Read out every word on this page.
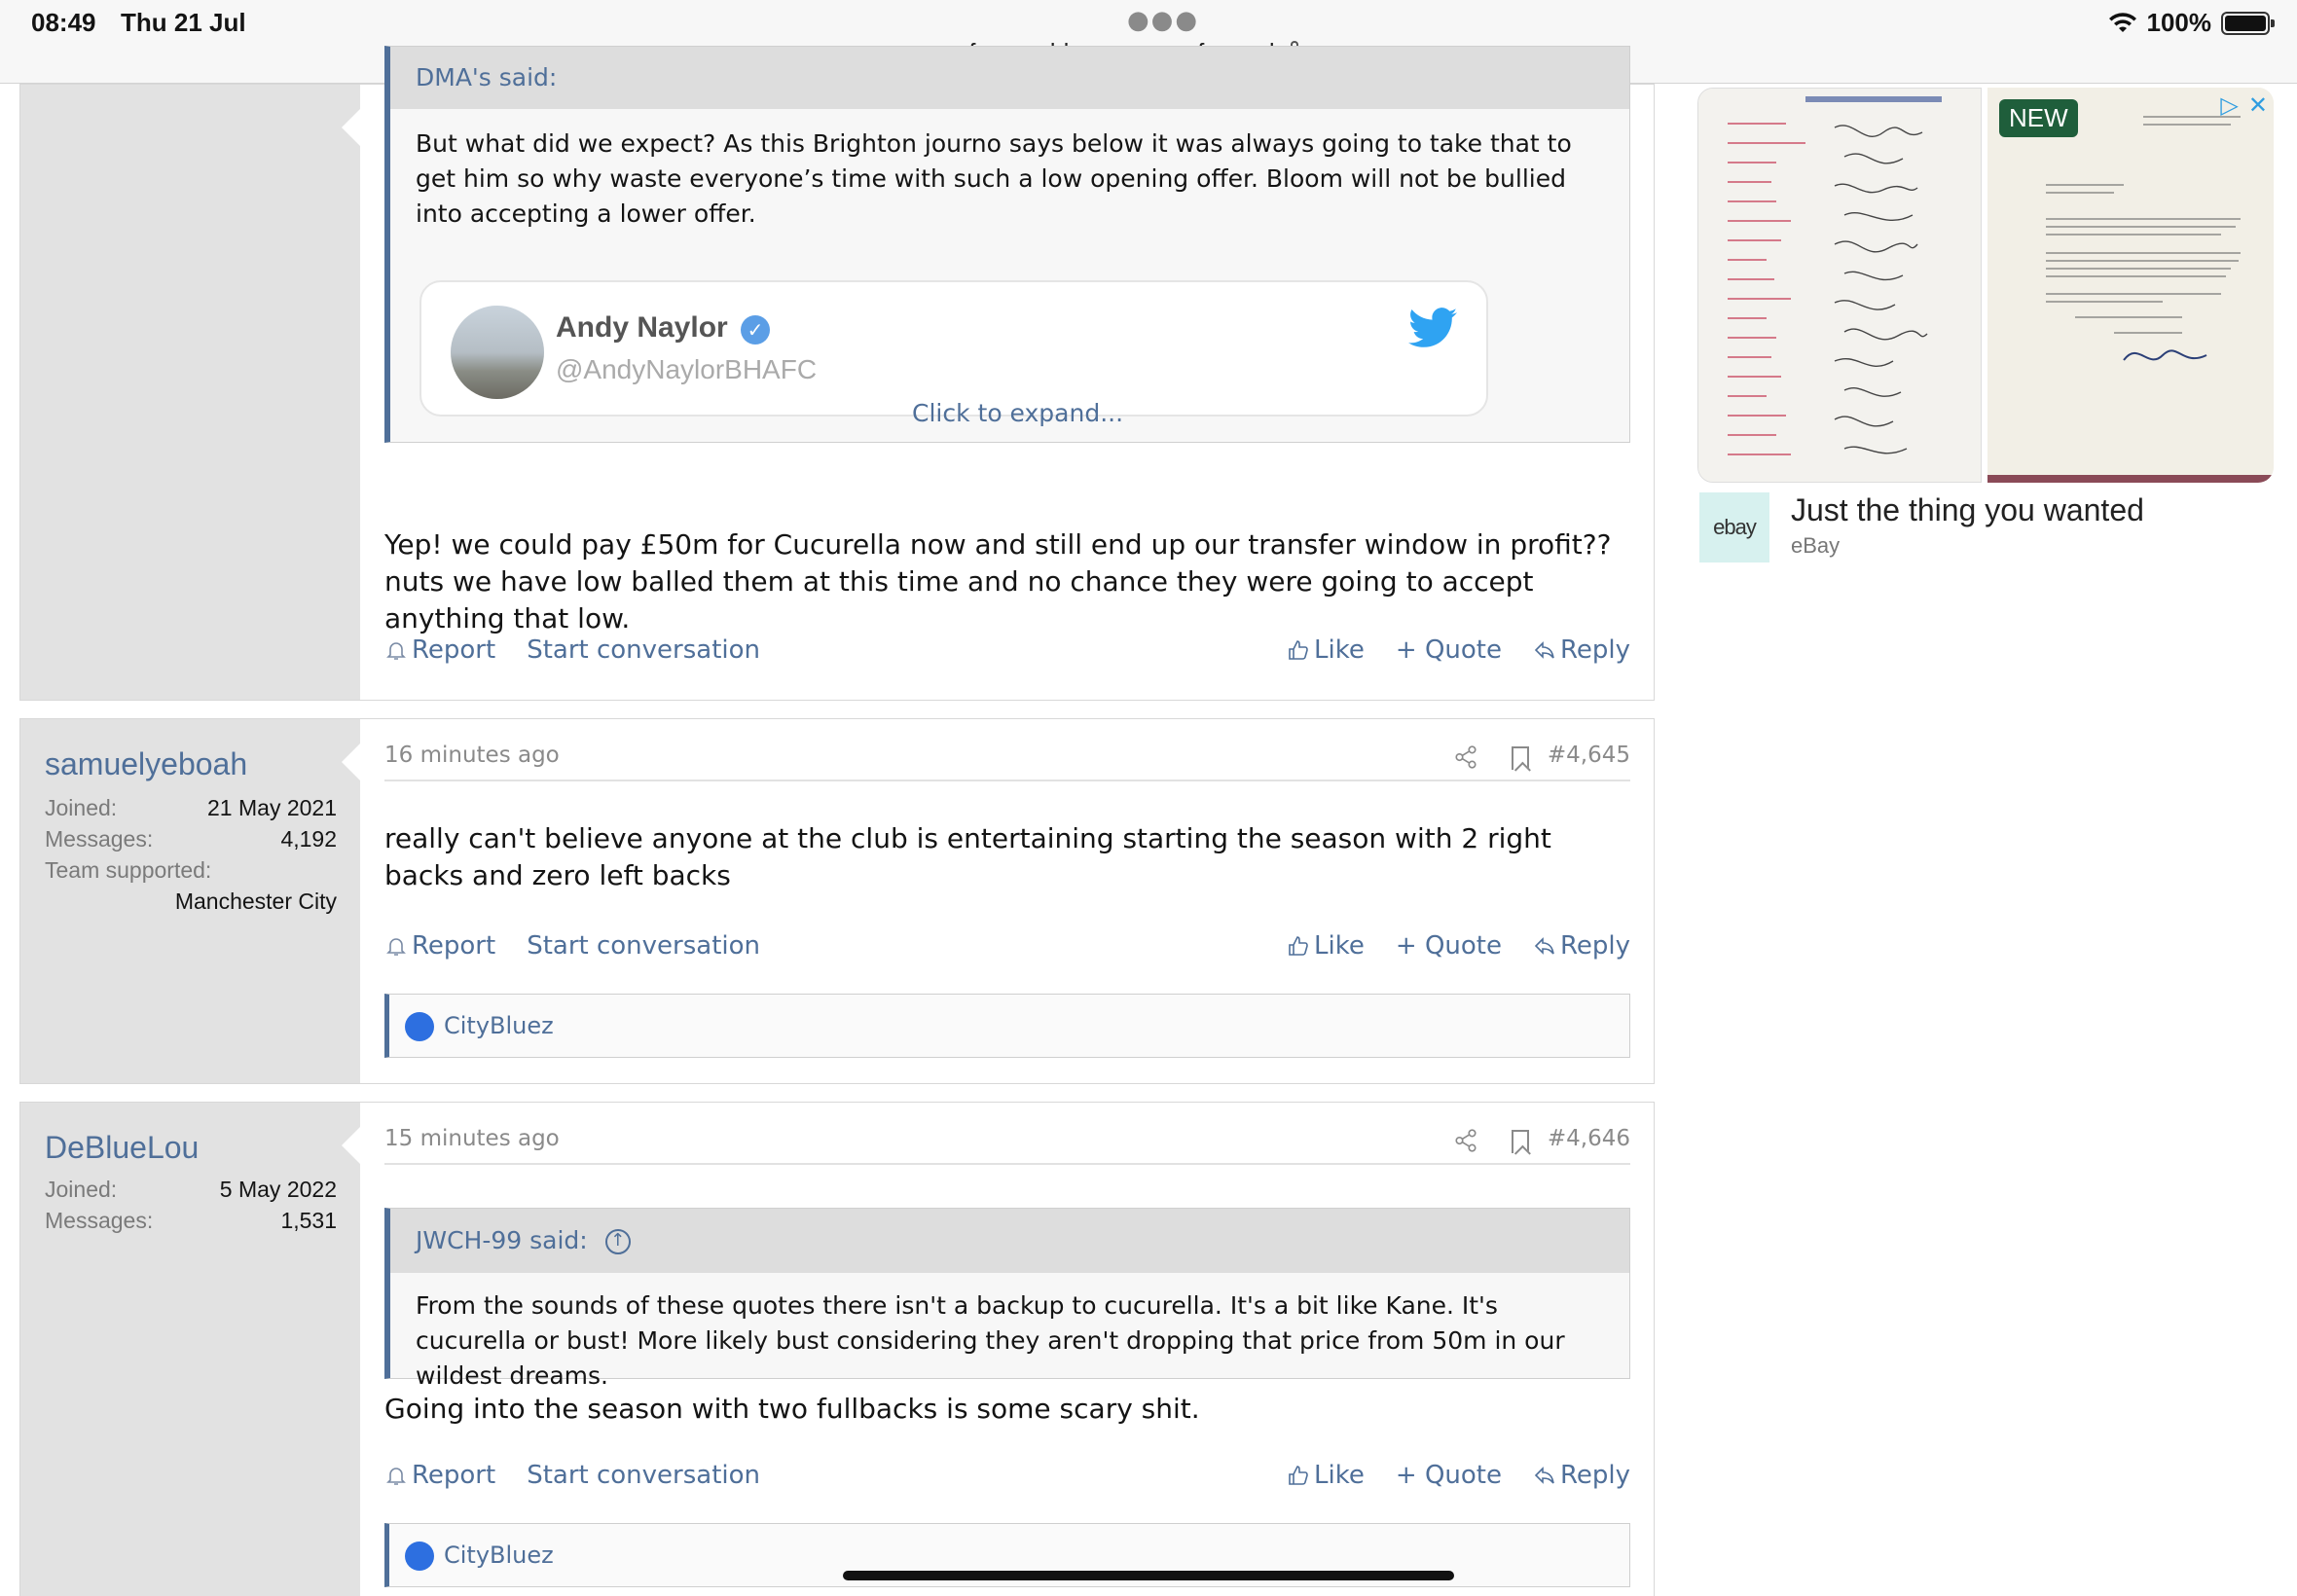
08:49 Thu 21 Jul	●●●	100%
DMA's said:
But what did we expect? As this Brighton journo says below it was always going to take that to get him so why waste everyone’s time with such a low opening offer. Bloom will not be bullied into accepting a lower offer.
Andy Naylor ✓
@AndyNaylorBHAFC
Click to expand...
Yep! we could pay £50m for Cucurella now and still end up our transfer window in profit?? nuts we have low balled them at this time and no chance they were going to accept anything that low.
Report Start conversation	Like + Quote Reply
samuelyeboah
Joined:	21 May 2021
Messages:	4,192
Team supported:
Manchester City
16 minutes ago	#4,645
really can't believe anyone at the club is entertaining starting the season with 2 right backs and zero left backs
Report Start conversation	Like + Quote Reply
CityBluez
DeBlueLou
Joined:	5 May 2022
Messages:	1,531
15 minutes ago	#4,646
JWCH-99 said: ↑
From the sounds of these quotes there isn't a backup to cucurella. It's a bit like Kane. It's cucurella or bust! More likely bust considering they aren't dropping that price from 50m in our wildest dreams.
Going into the season with two fullbacks is some scary shit.
Report Start conversation	Like + Quote Reply
CityBluez
NEW	▷ ✕
ebay	Just the thing you wanted
eBay
